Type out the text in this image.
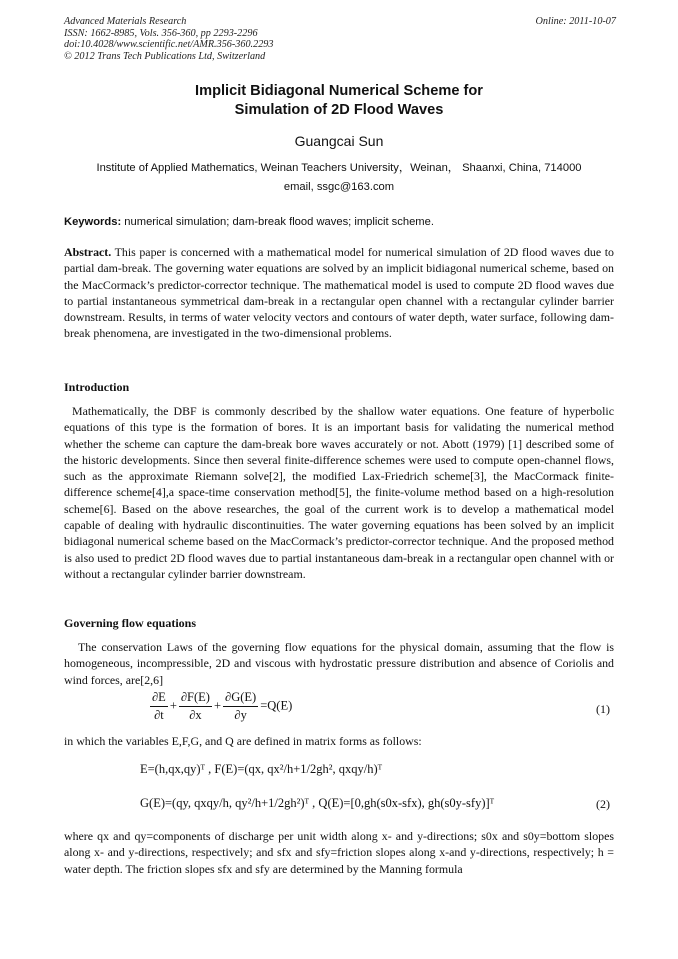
Advanced Materials Research
ISSN: 1662-8985, Vols. 356-360, pp 2293-2296
doi:10.4028/www.scientific.net/AMR.356-360.2293
© 2012 Trans Tech Publications Ltd, Switzerland
Online: 2011-10-07
Implicit Bidiagonal Numerical Scheme for
Simulation of 2D Flood Waves
Guangcai Sun
Institute of Applied Mathematics, Weinan Teachers University，Weinan， Shaanxi, China, 714000
email, ssgc@163.com
Keywords: numerical simulation; dam-break flood waves; implicit scheme.
Abstract. This paper is concerned with a mathematical model for numerical simulation of 2D flood waves due to partial dam-break. The governing water equations are solved by an implicit bidiagonal numerical scheme, based on the MacCormack’s predictor-corrector technique. The mathematical model is used to compute 2D flood waves due to partial instantaneous symmetrical dam-break in a rectangular open channel with a rectangular cylinder barrier downstream. Results, in terms of water velocity vectors and contours of water depth, water surface, following dam-break phenomena, are investigated in the two-dimensional problems.
Introduction
Mathematically, the DBF is commonly described by the shallow water equations. One feature of hyperbolic equations of this type is the formation of bores. It is an important basis for validating the numerical method whether the scheme can capture the dam-break bore waves accurately or not. Abott (1979) [1] described some of the historic developments. Since then several finite-difference schemes were used to compute open-channel flows, such as the approximate Riemann solve[2], the modified Lax-Friedrich scheme[3], the MacCormack finite-difference scheme[4],a space-time conservation method[5], the finite-volume method based on a high-resolution scheme[6]. Based on the above researches, the goal of the current work is to develop a mathematical model capable of dealing with hydraulic discontinuities. The water governing equations has been solved by an implicit bidiagonal numerical scheme based on the MacCormack’s predictor-corrector technique. And the proposed method is also used to predict 2D flood waves due to partial instantaneous dam-break in a rectangular open channel with or without a rectangular cylinder barrier downstream.
Governing flow equations
The conservation Laws of the governing flow equations for the physical domain, assuming that the flow is homogeneous, incompressible, 2D and viscous with hydrostatic pressure distribution and absence of Coriolis and wind forces, are[2,6]
$\frac{\partial E}{\partial t} + \frac{\partial F(E)}{\partial x} + \frac{\partial G(E)}{\partial y} =Q(E)$	(1)
in which the variables E,F,G, and Q are defined in matrix forms as follows:
E=(h,qx,qy)ᵀ , F(E)=(qx, qx²/h+1/2gh², qxqy/h)ᵀ
G(E)=(qy, qxqy/h, qy²/h+1/2gh²)ᵀ , Q(E)=[0,gh(s0x-sfx), gh(s0y-sfy)]ᵀ	(2)
where qx and qy=components of discharge per unit width along x- and y-directions; s0x and s0y=bottom slopes along x- and y-directions, respectively; and sfx and sfy=friction slopes along x-and y-directions, respectively; h = water depth. The friction slopes sfx and sfy are determined by the Manning formula
